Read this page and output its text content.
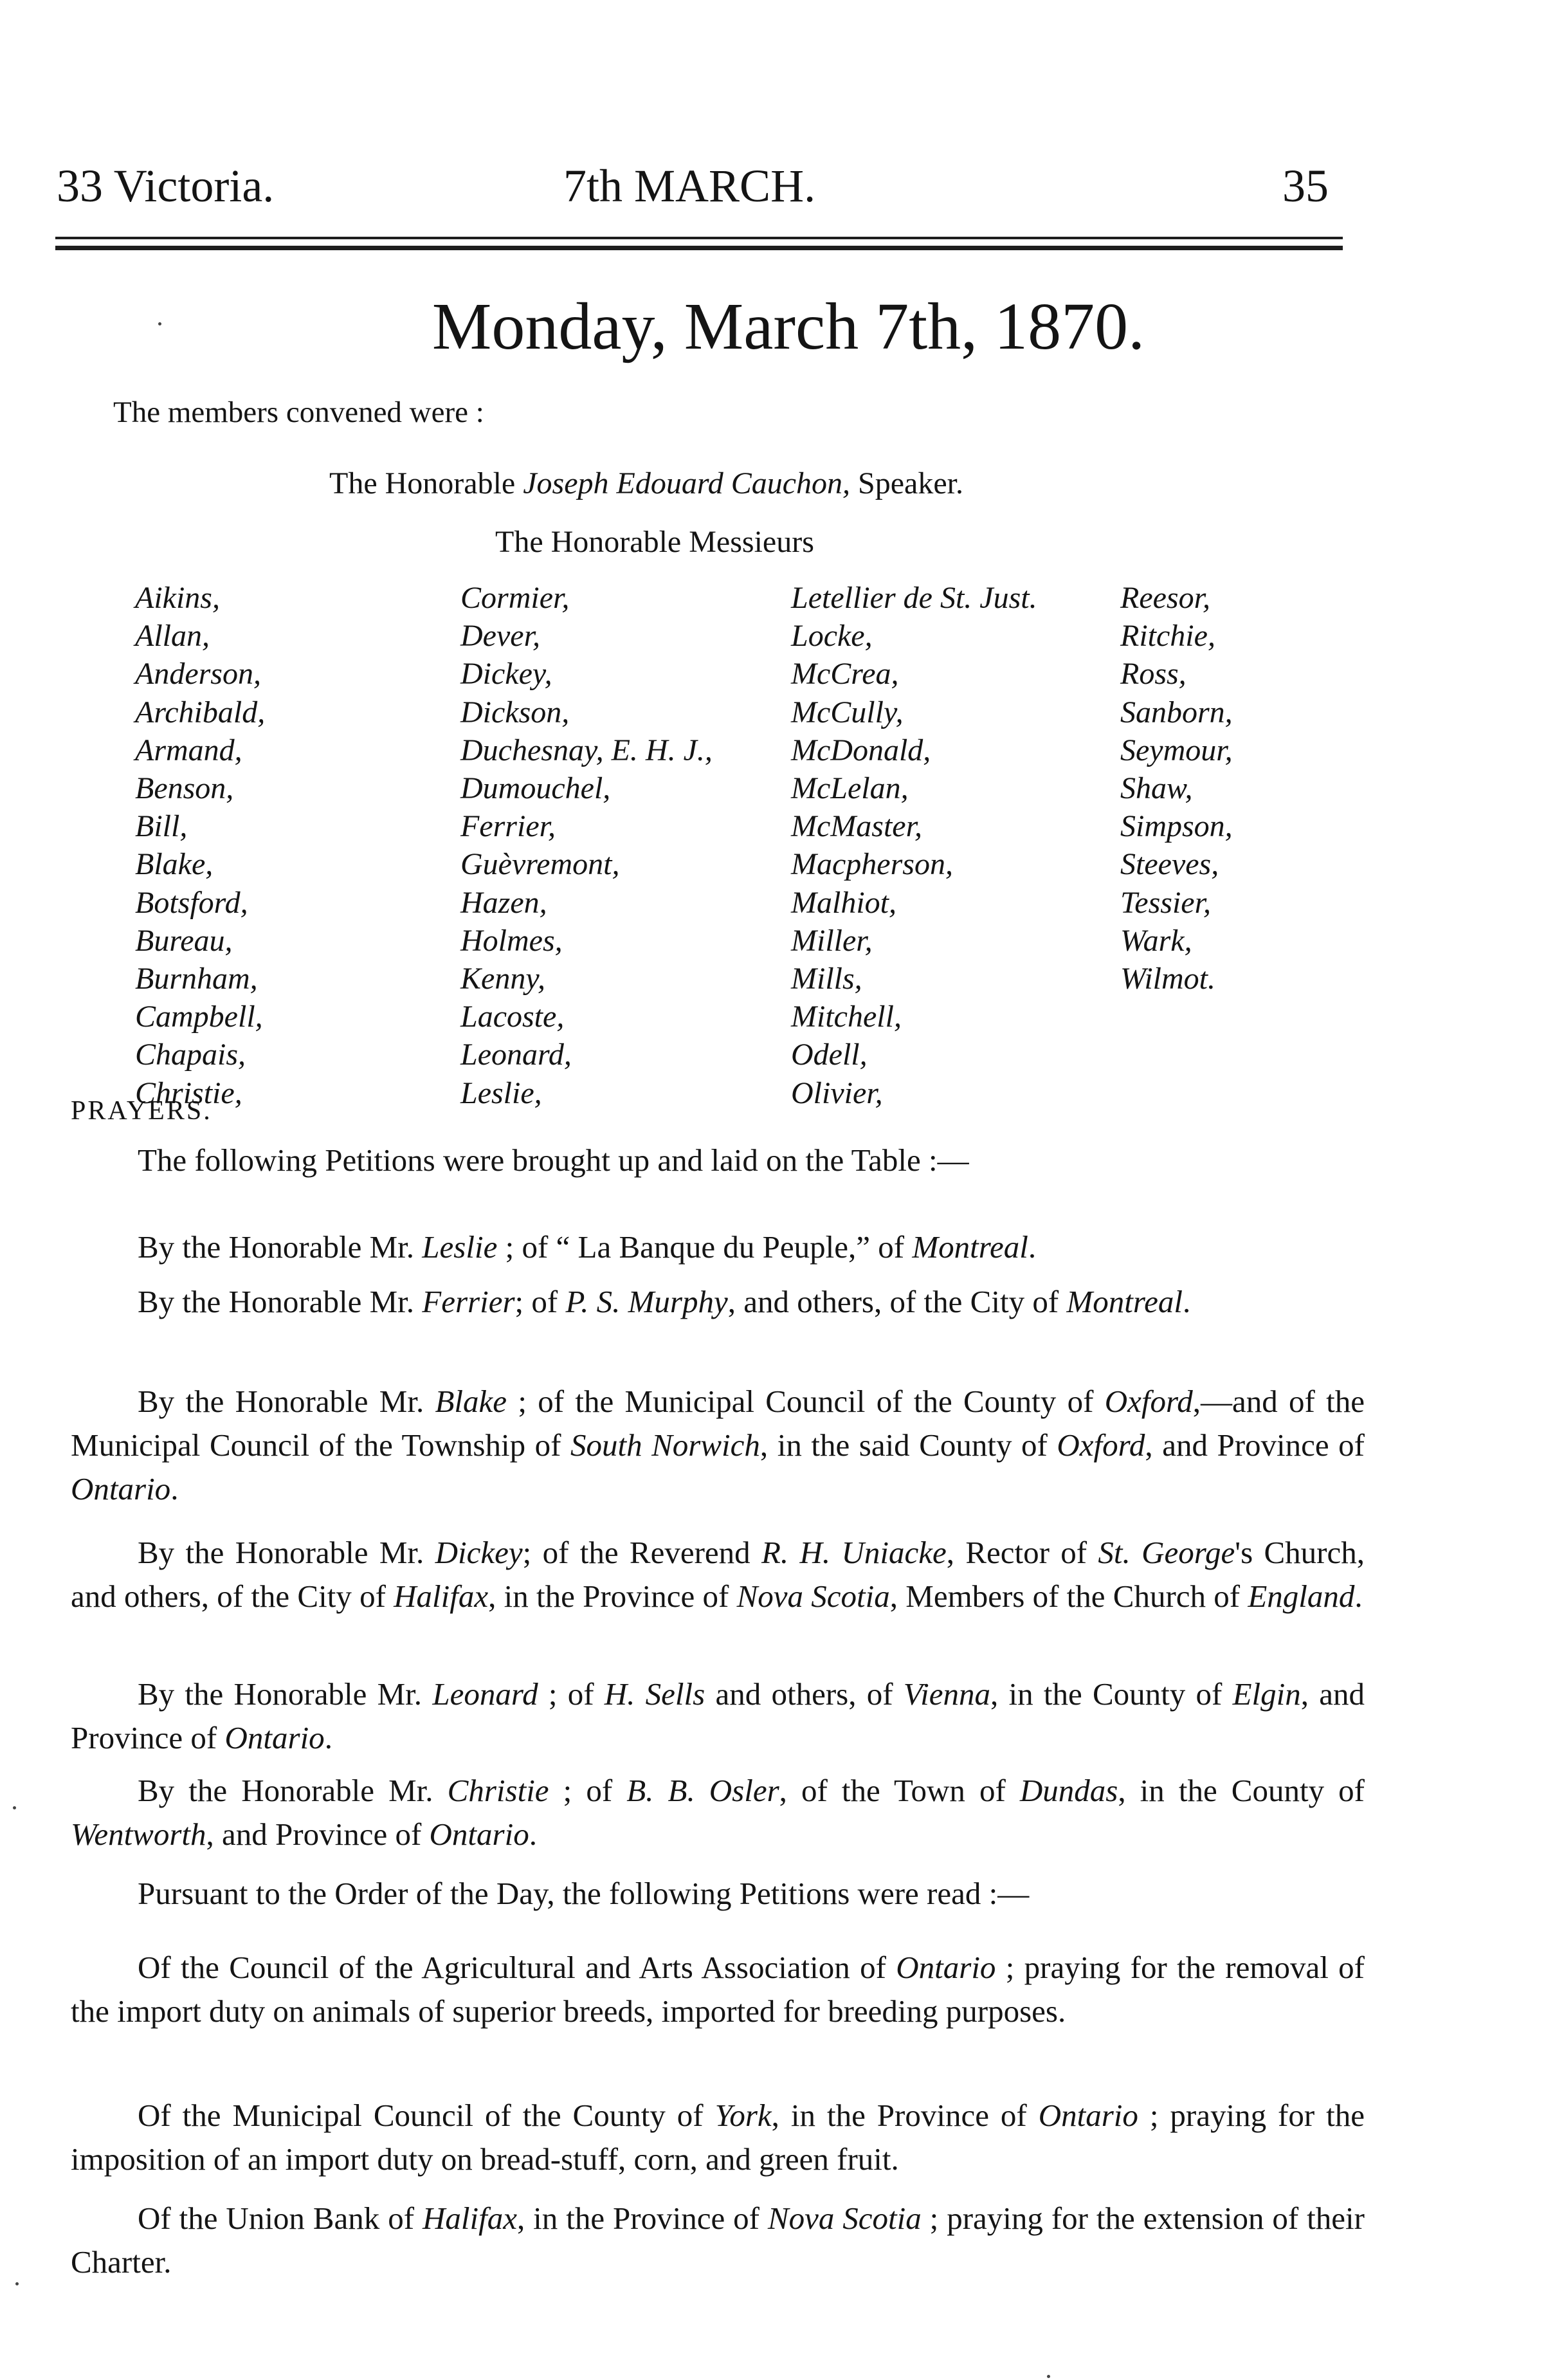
33 Victoria.	7th MARCH.	35
Monday, March 7th, 1870.
The members convened were :
The Honorable Joseph Edouard Cauchon, Speaker.
The Honorable Messieurs
Aikins,
Allan,
Anderson,
Archibald,
Armand,
Benson,
Bill,
Blake,
Botsford,
Bureau,
Burnham,
Campbell,
Chapais,
Christie,
Cormier,
Dever,
Dickey,
Dickson,
Duchesnay, E. H. J.,
Dumouchel,
Ferrier,
Guèvremont,
Hazen,
Holmes,
Kenny,
Lacoste,
Leonard,
Leslie,
Letellier de St. Just.
Locke,
McCrea,
McCully,
McDonald,
McLelan,
McMaster,
Macpherson,
Malhiot,
Miller,
Mills,
Mitchell,
Odell,
Olivier,
Reesor,
Ritchie,
Ross,
Sanborn,
Seymour,
Shaw,
Simpson,
Steeves,
Tessier,
Wark,
Wilmot.
PRAYERS.
The following Petitions were brought up and laid on the Table :—
By the Honorable Mr. Leslie ; of “ La Banque du Peuple,” of Montreal.
By the Honorable Mr. Ferrier; of P. S. Murphy, and others, of the City of Montreal.
By the Honorable Mr. Blake ; of the Municipal Council of the County of Oxford,—and of the Municipal Council of the Township of South Norwich, in the said County of Oxford, and Province of Ontario.
By the Honorable Mr. Dickey; of the Reverend R. H. Uniacke, Rector of St. George's Church, and others, of the City of Halifax, in the Province of Nova Scotia, Members of the Church of England.
By the Honorable Mr. Leonard ; of H. Sells and others, of Vienna, in the County of Elgin, and Province of Ontario.
By the Honorable Mr. Christie ; of B. B. Osler, of the Town of Dundas, in the County of Wentworth, and Province of Ontario.
Pursuant to the Order of the Day, the following Petitions were read :—
Of the Council of the Agricultural and Arts Association of Ontario ; praying for the removal of the import duty on animals of superior breeds, imported for breeding purposes.
Of the Municipal Council of the County of York, in the Province of Ontario ; praying for the imposition of an import duty on bread-stuff, corn, and green fruit.
Of the Union Bank of Halifax, in the Province of Nova Scotia ; praying for the extension of their Charter.
